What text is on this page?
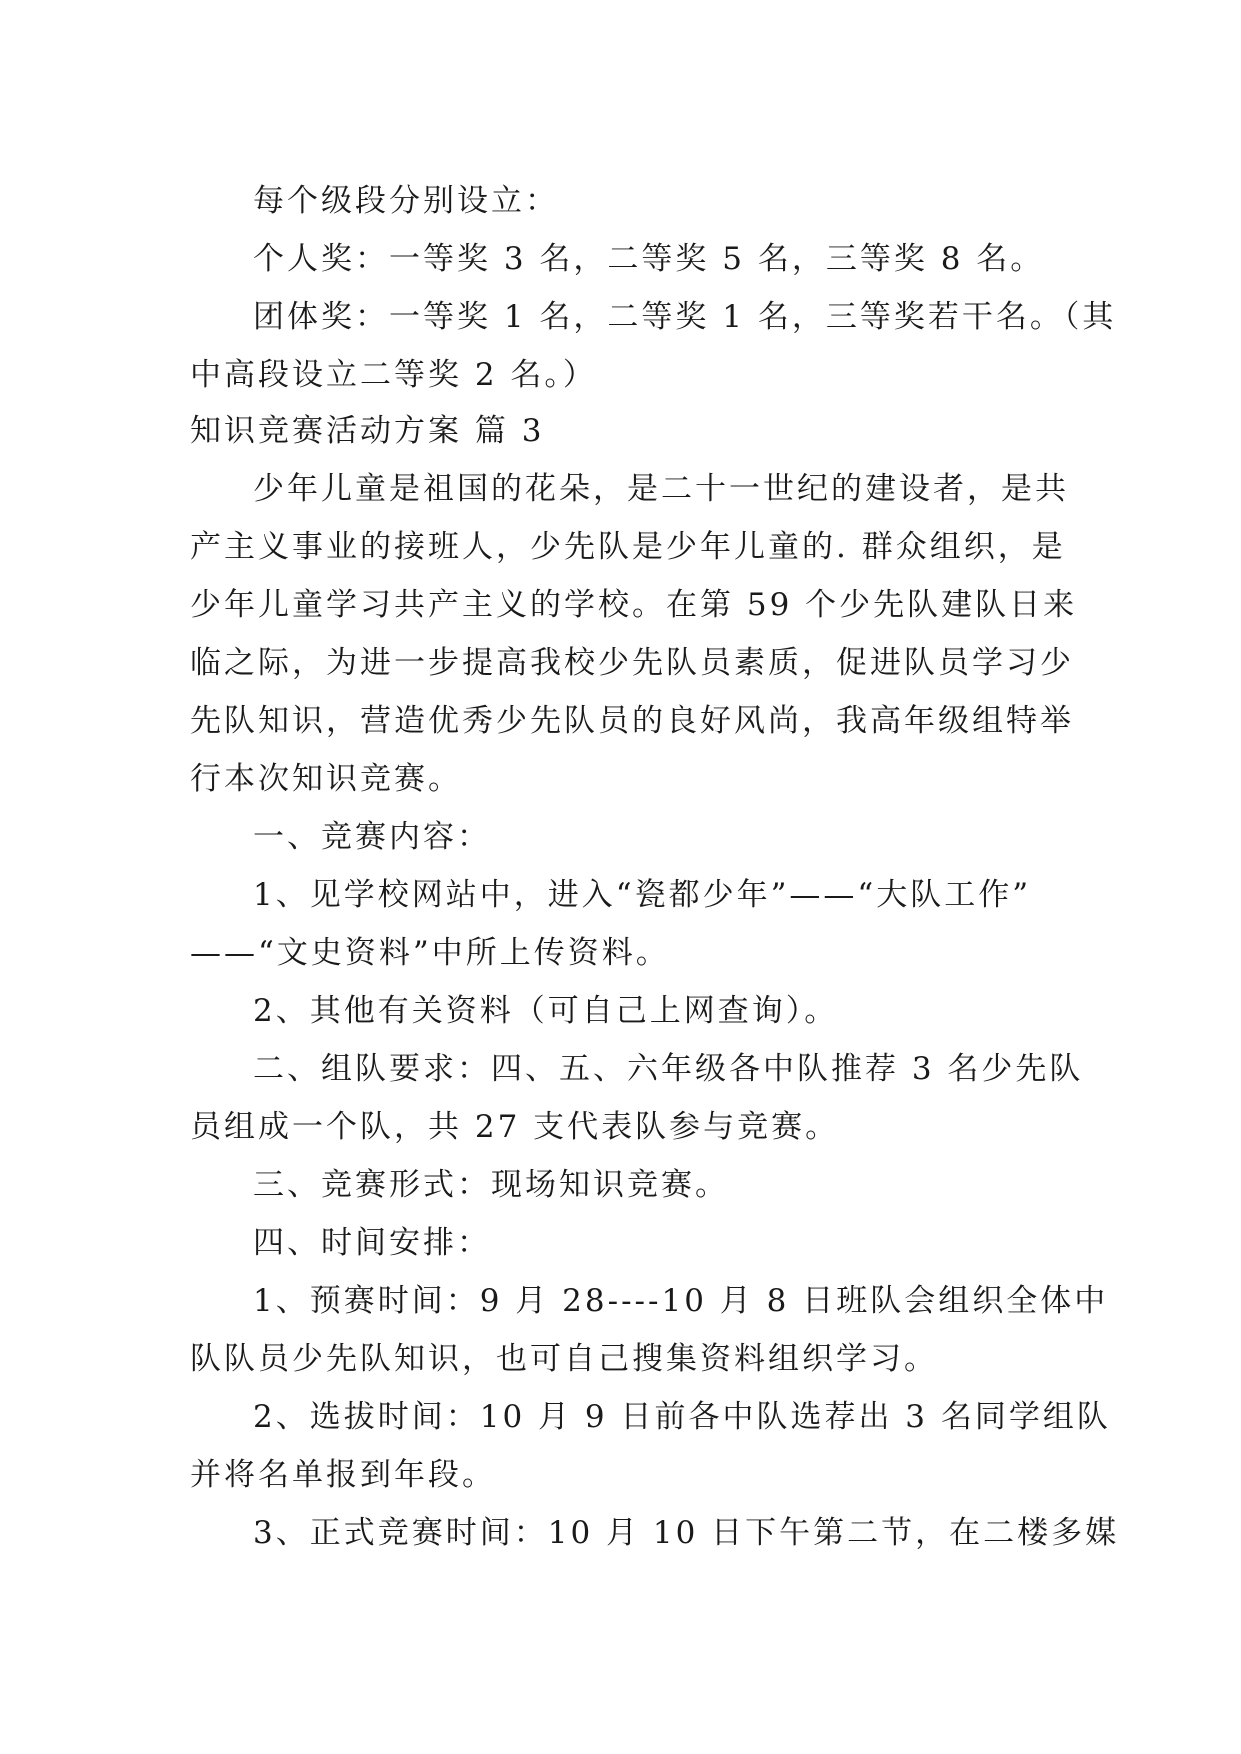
每个级段分别设立：

个人奖：一等奖 3 名，二等奖 5 名，三等奖 8 名。

团体奖：一等奖 1 名，二等奖 1 名，三等奖若干名。（其

中高段设立二等奖 2 名。）

知识竞赛活动方案 篇 3

少年儿童是祖国的花朵，是二十一世纪的建设者，是共

产主义事业的接班人，少先队是少年儿童的. 群众组织，是

少年儿童学习共产主义的学校。在第 59 个少先队建队日来

临之际，为进一步提高我校少先队员素质，促进队员学习少

先队知识，营造优秀少先队员的良好风尚，我高年级组特举

行本次知识竞赛。

一、竞赛内容：

1、见学校网站中，进入“瓷都少年”——“大队工作”

——“文史资料”中所上传资料。

2、其他有关资料（可自己上网查询）。

二、组队要求：四、五、六年级各中队推荐 3 名少先队

员组成一个队，共 27 支代表队参与竞赛。

三、竞赛形式：现场知识竞赛。

四、时间安排：

1、预赛时间：9 月 28----10 月 8 日班队会组织全体中

队队员少先队知识，也可自己搜集资料组织学习。

2、选拔时间：10 月 9 日前各中队选荐出 3 名同学组队

并将名单报到年段。

3、正式竞赛时间：10 月 10 日下午第二节，在二楼多媒
